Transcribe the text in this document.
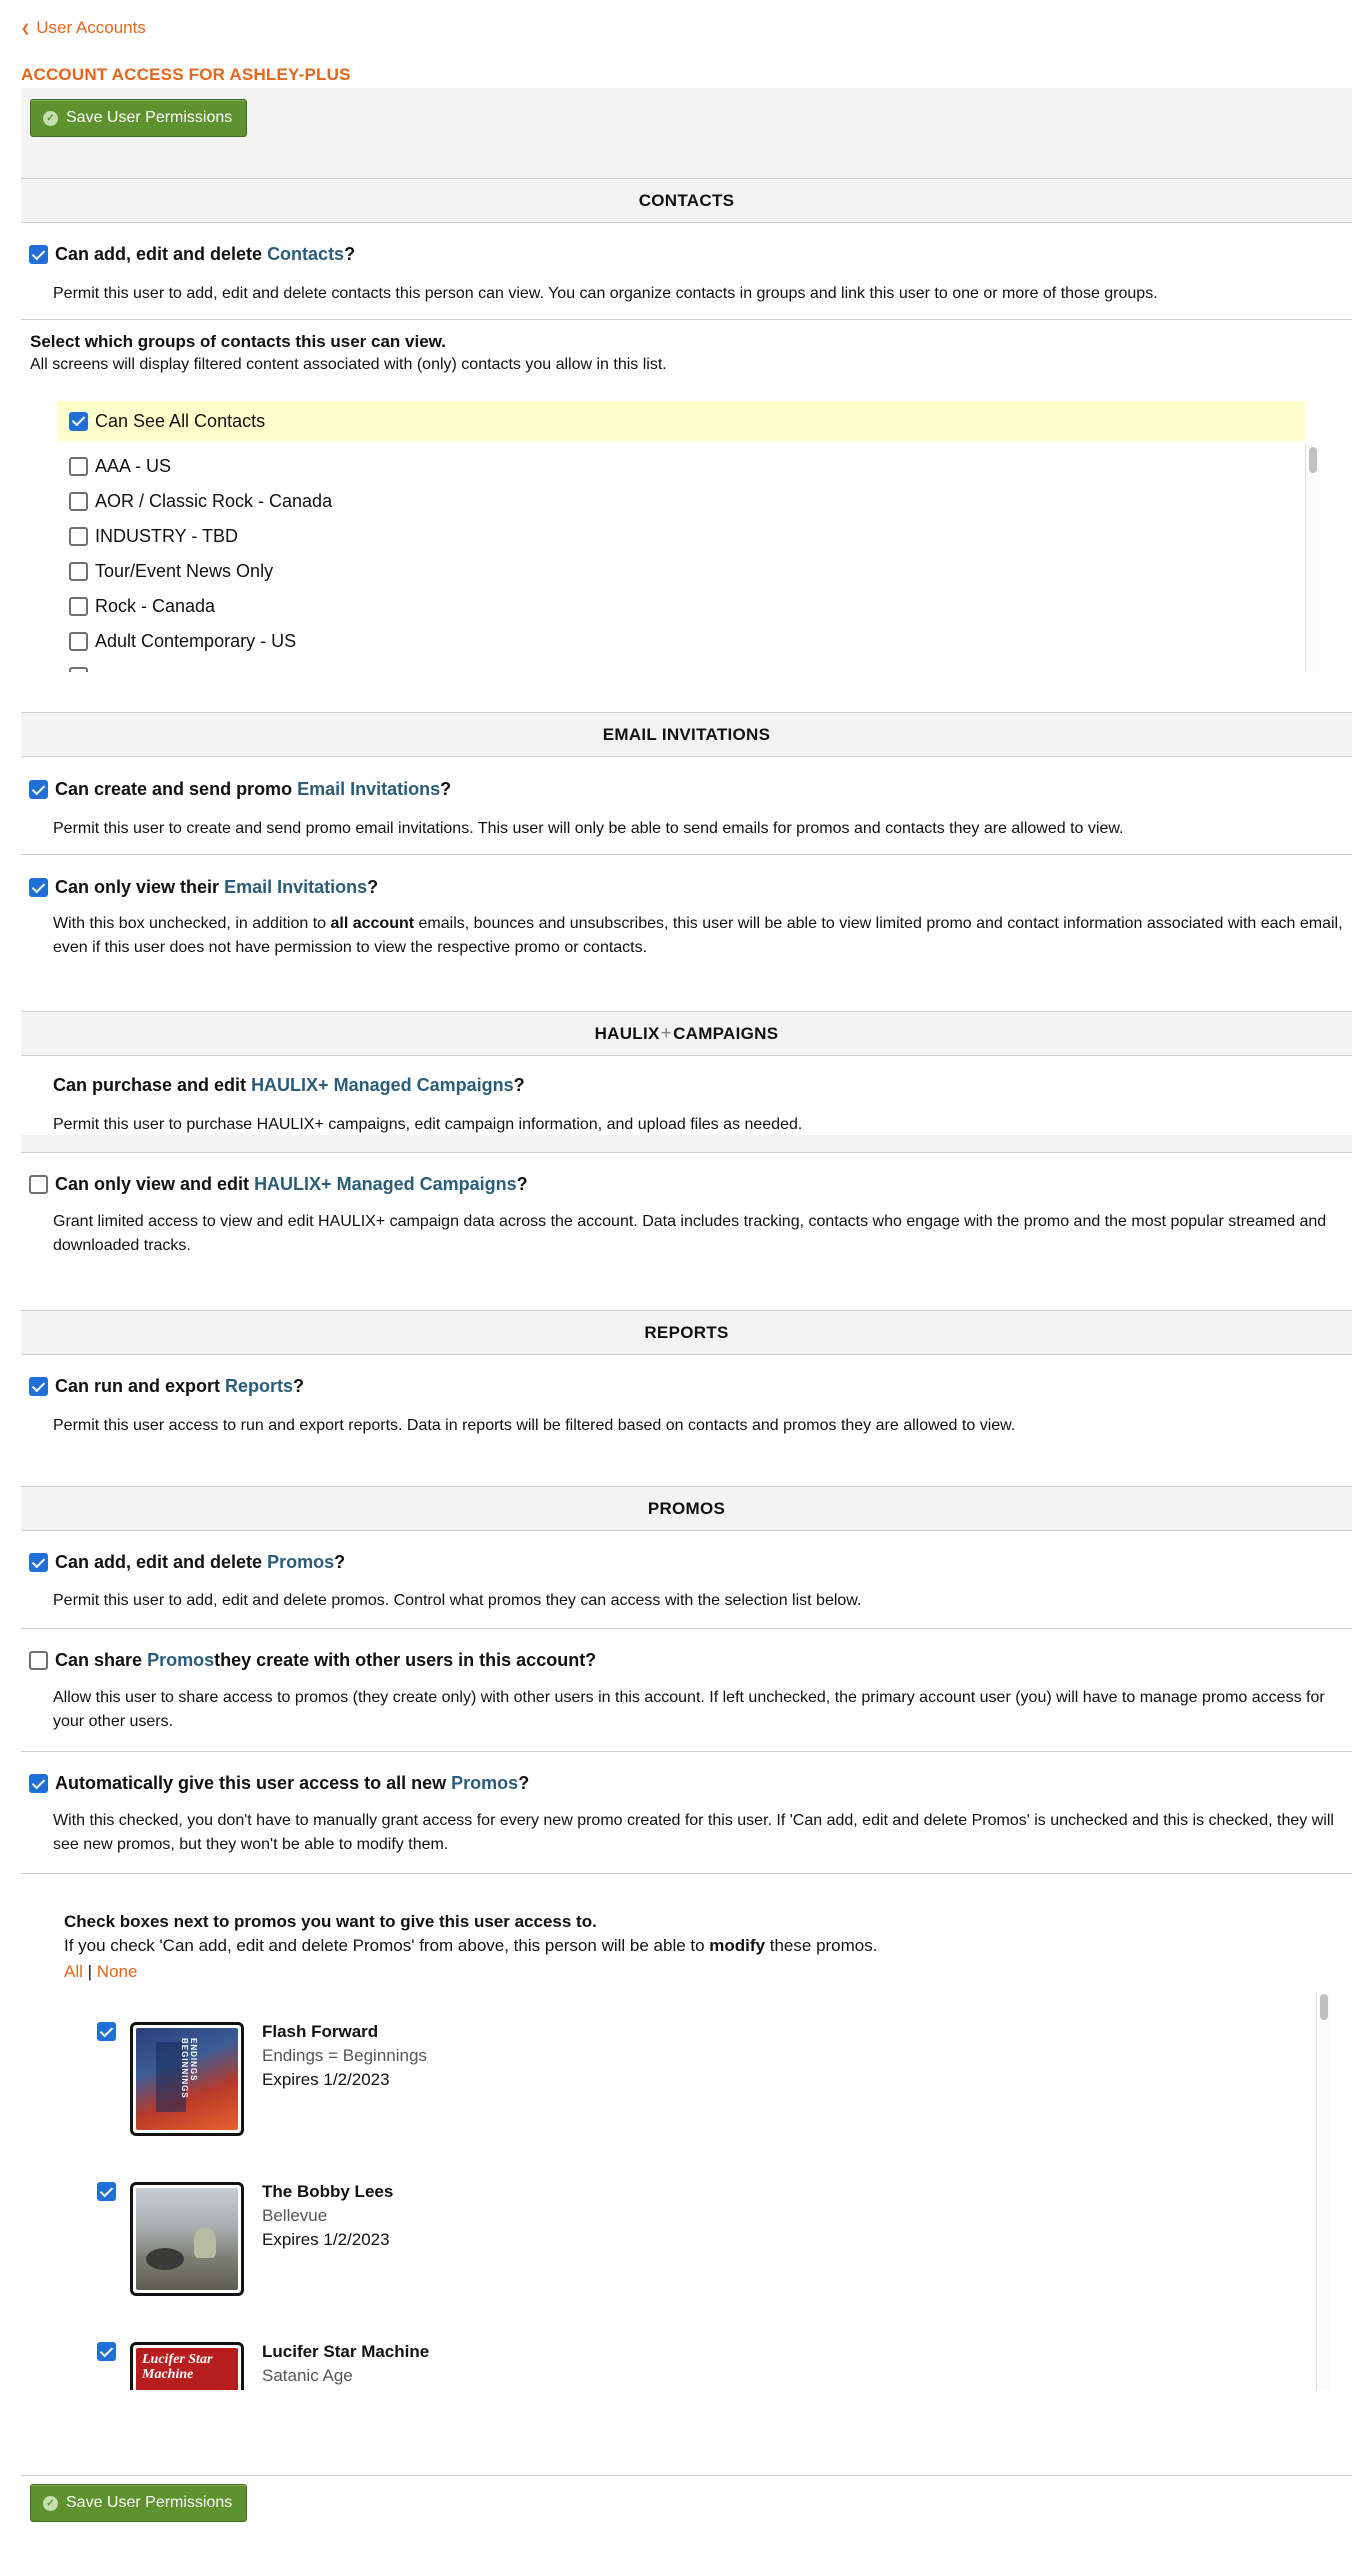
❮ User Accounts
ACCOUNT ACCESS FOR ASHLEY-PLUS
✓ Save User Permissions
CONTACTS
Can add, edit and delete
Contacts ?
Permit this user to add, edit and delete contacts this person can view. You can organize contacts in groups and link this user to one or more of those groups.
Select which groups of contacts this user can view.
All screens will display filtered content associated with (only) contacts you allow in this list.
Can See All Contacts
AAA - US
AOR / Classic Rock - Canada
INDUSTRY - TBD
Tour/Event News Only
Rock - Canada
Adult Contemporary - US
EMAIL INVITATIONS
Can create and send promo
Email Invitations ?
Permit this user to create and send promo email invitations. This user will only be able to send emails for promos and contacts they are allowed to view.
Can only view their
Email Invitations ?
With this box unchecked, in addition to all account emails, bounces and unsubscribes, this user will be able to view limited promo and contact information associated with each email, even if this user does not have permission to view the respective promo or contacts.
HAULIX + CAMPAIGNS
Can purchase and edit
HAULIX+ Managed Campaigns ?
Permit this user to purchase HAULIX+ campaigns, edit campaign information, and upload files as needed.
Can only view and edit
HAULIX+ Managed Campaigns ?
Grant limited access to view and edit HAULIX+ campaign data across the account. Data includes tracking, contacts who engage with the promo and the most popular streamed and downloaded tracks.
REPORTS
Can run and export
Reports ?
Permit this user access to run and export reports. Data in reports will be filtered based on contacts and promos they are allowed to view.
PROMOS
Can add, edit and delete
Promos ?
Permit this user to add, edit and delete promos. Control what promos they can access with the selection list below.
Can share
Promos they create with other users in this account?
Allow this user to share access to promos (they create only) with other users in this account. If left unchecked, the primary account user (you) will have to manage promo access for your other users.
Automatically give this user access to all new
Promos ?
With this checked, you don't have to manually grant access for every new promo created for this user. If 'Can add, edit and delete Promos' is unchecked and this is checked, they will see new promos, but they won't be able to modify them.
Check boxes next to promos you want to give this user access to.
If you check 'Can add, edit and delete Promos' from above, this person will be able to modify these promos.
All | None
ENDINGS BEGINNINGS
Flash Forward
Endings = Beginnings
Expires 1/2/2023
The Bobby Lees
Bellevue
Expires 1/2/2023
Lucifer Star Machine
Lucifer Star Machine
Satanic Age
✓ Save User Permissions
